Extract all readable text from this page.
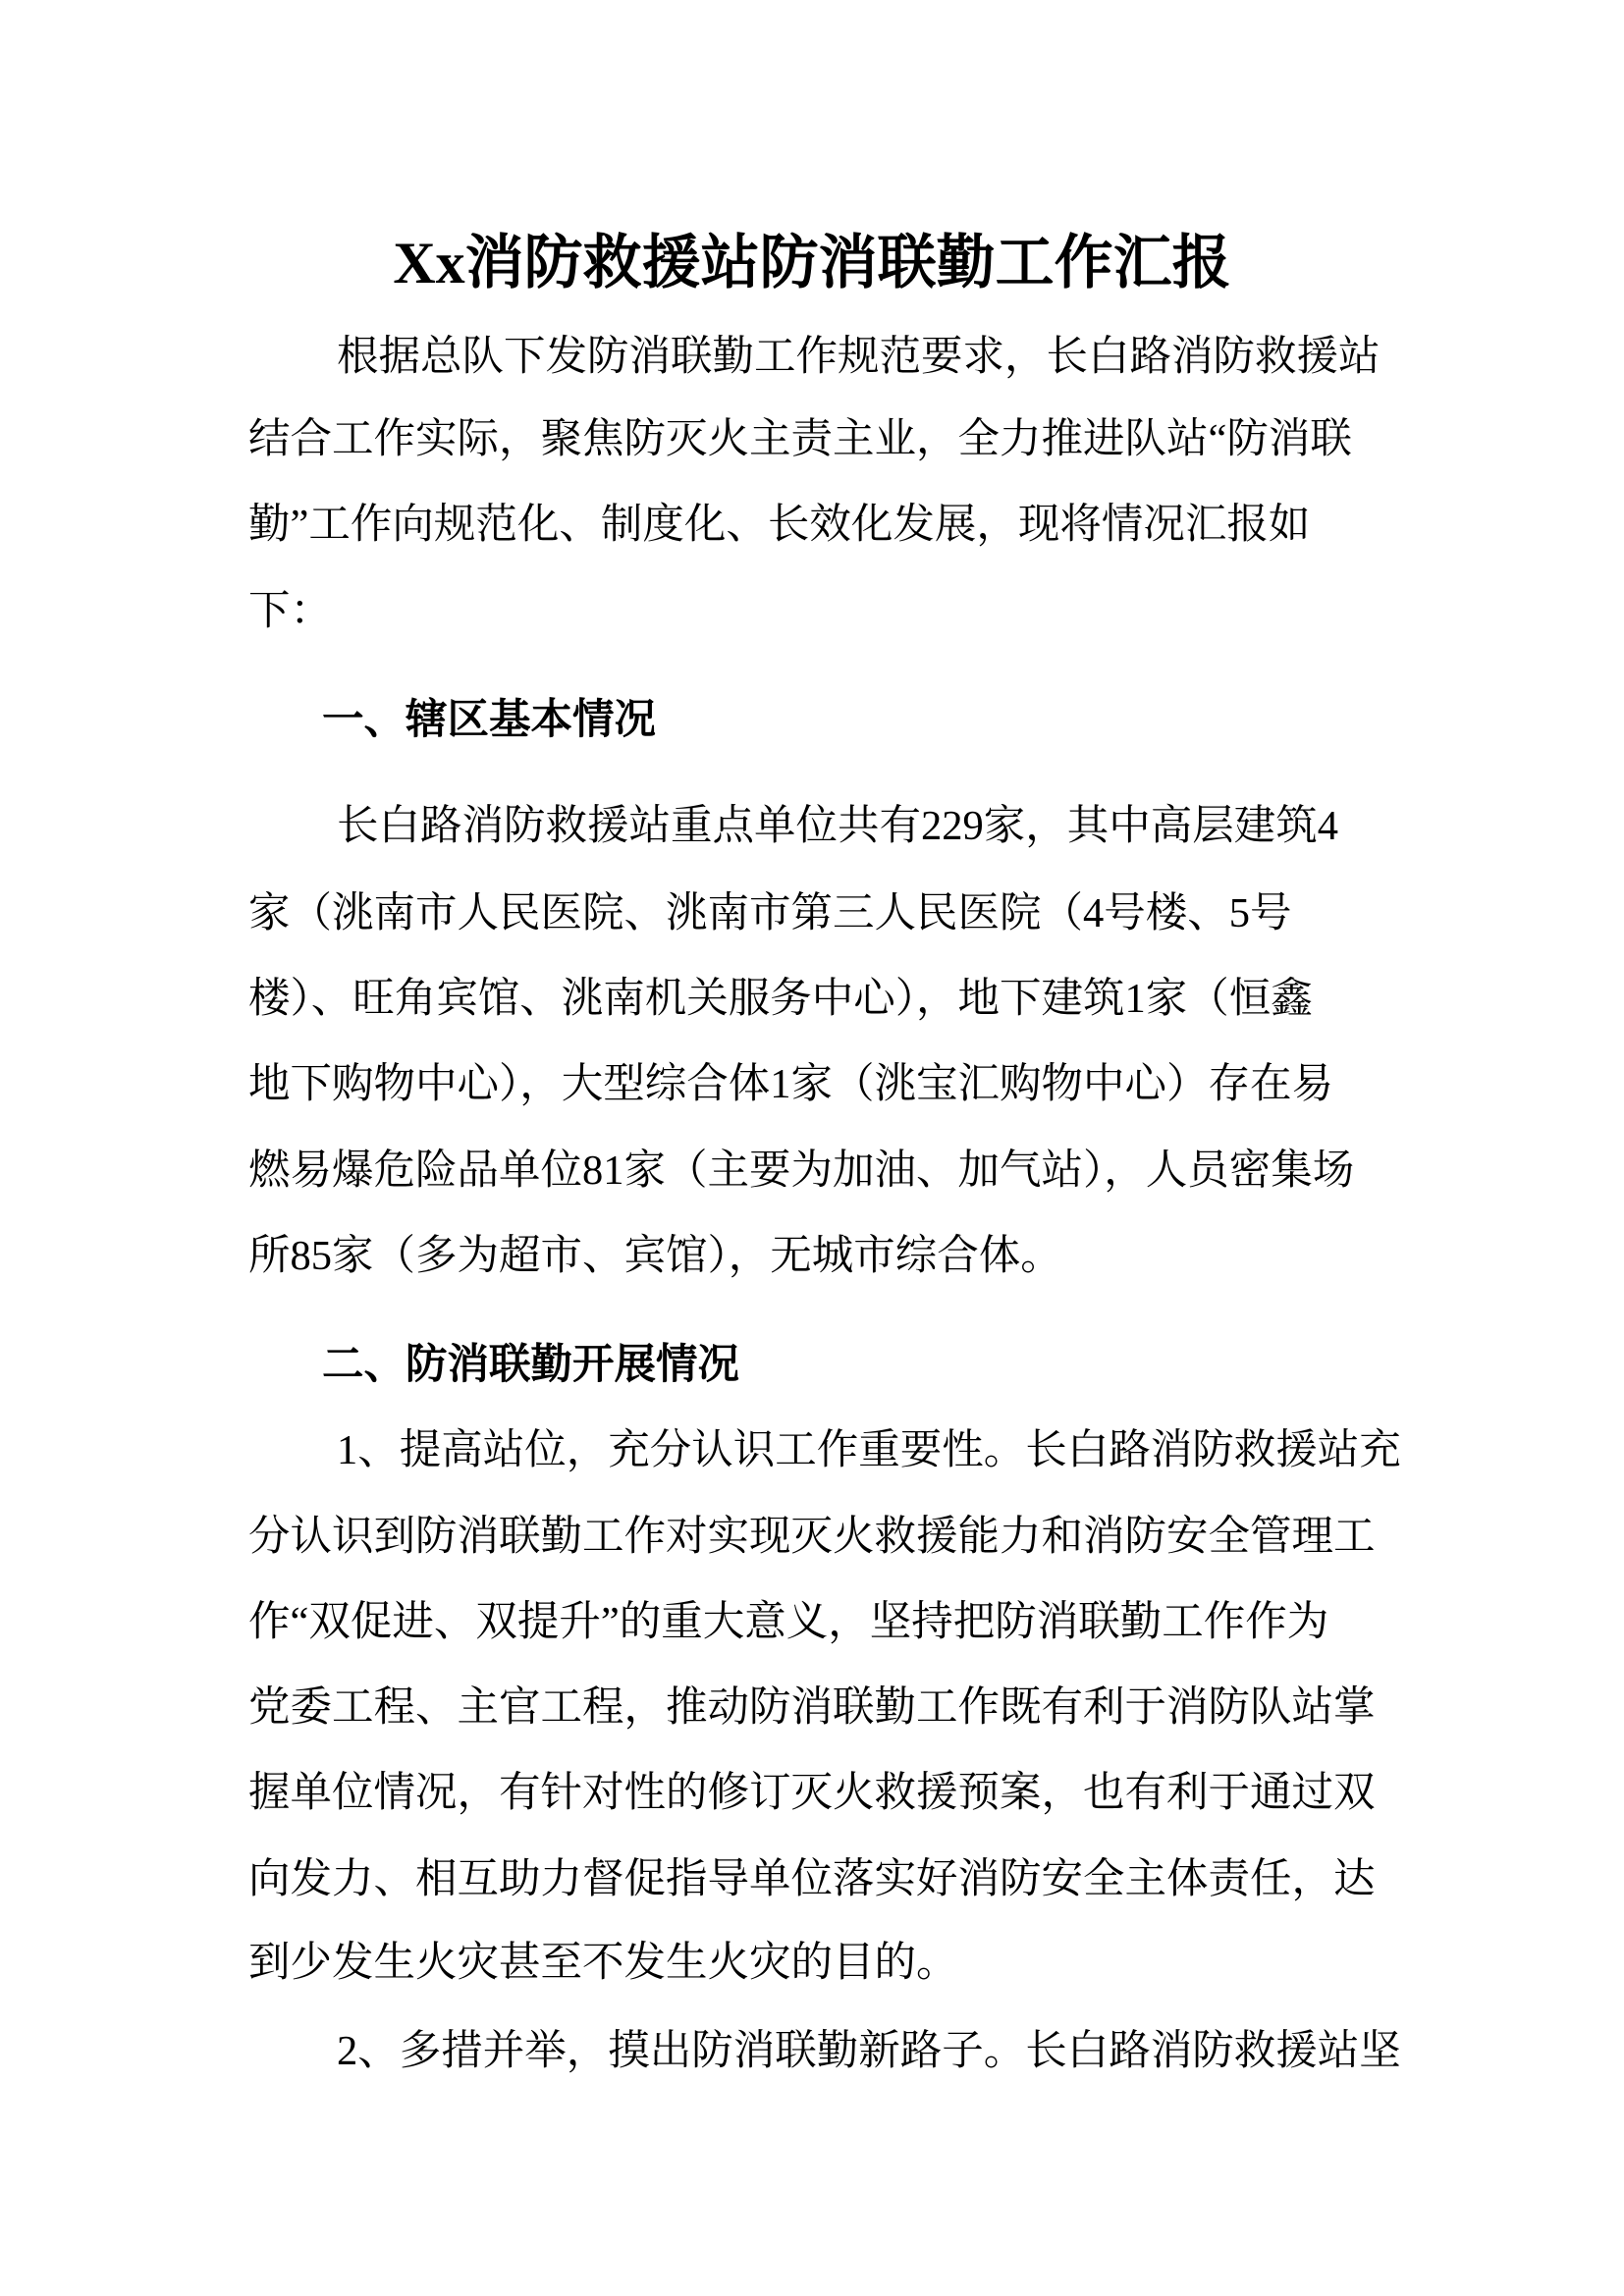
Xx消防救援站防消联勤工作汇报
根据总队下发防消联勤工作规范要求，长白路消防救援站
结合工作实际，聚焦防灭火主责主业，全力推进队站“防消联
勤”工作向规范化、制度化、长效化发展，现将情况汇报如
下：
一、辖区基本情况
长白路消防救援站重点单位共有229家，其中高层建筑4
家（洮南市人民医院、洮南市第三人民医院（4号楼、5号
楼）、旺角宾馆、洮南机关服务中心），地下建筑1家（恒鑫
地下购物中心），大型综合体1家（洮宝汇购物中心）存在易
燃易爆危险品单位81家（主要为加油、加气站），人员密集场
所85家（多为超市、宾馆），无城市综合体。
二、防消联勤开展情况
1、提高站位，充分认识工作重要性。长白路消防救援站充
分认识到防消联勤工作对实现灭火救援能力和消防安全管理工
作“双促进、双提升”的重大意义，坚持把防消联勤工作作为
党委工程、主官工程，推动防消联勤工作既有利于消防队站掌
握单位情况，有针对性的修订灭火救援预案，也有利于通过双
向发力、相互助力督促指导单位落实好消防安全主体责任，达
到少发生火灾甚至不发生火灾的目的。
2、多措并举，摸出防消联勤新路子。长白路消防救援站坚
